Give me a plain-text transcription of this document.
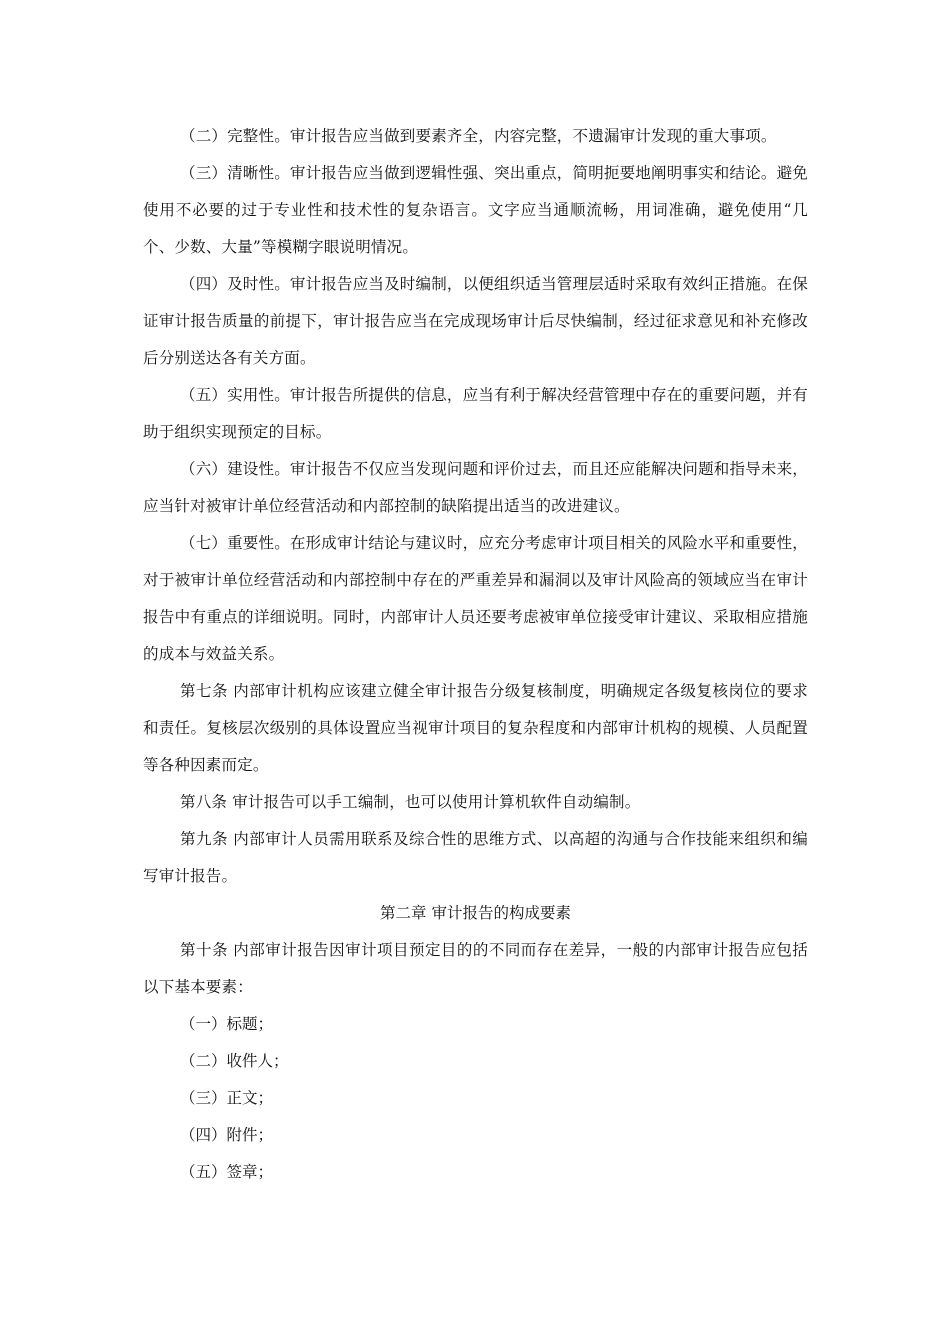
（二）完整性。审计报告应当做到要素齐全，内容完整，不遗漏审计发现的重大事项。

（三）清晰性。审计报告应当做到逻辑性强、突出重点，简明扼要地阐明事实和结论。避免使用不必要的过于专业性和技术性的复杂语言。文字应当通顺流畅，用词准确，避免使用“几个、少数、大量”等模糊字眼说明情况。

（四）及时性。审计报告应当及时编制，以便组织适当管理层适时采取有效纠正措施。在保证审计报告质量的前提下，审计报告应当在完成现场审计后尽快编制，经过征求意见和补充修改后分别送达各有关方面。

（五）实用性。审计报告所提供的信息，应当有利于解决经营管理中存在的重要问题，并有助于组织实现预定的目标。

（六）建设性。审计报告不仅应当发现问题和评价过去，而且还应能解决问题和指导未来，应当针对被审计单位经营活动和内部控制的缺陷提出适当的改进建议。

（七）重要性。在形成审计结论与建议时，应充分考虑审计项目相关的风险水平和重要性，对于被审计单位经营活动和内部控制中存在的严重差异和漏洞以及审计风险高的领域应当在审计报告中有重点的详细说明。同时，内部审计人员还要考虑被审单位接受审计建议、采取相应措施的成本与效益关系。

第七条 内部审计机构应该建立健全审计报告分级复核制度，明确规定各级复核岗位的要求和责任。复核层次级别的具体设置应当视审计项目的复杂程度和内部审计机构的规模、人员配置等各种因素而定。

第八条 审计报告可以手工编制，也可以使用计算机软件自动编制。

第九条 内部审计人员需用联系及综合性的思维方式、以高超的沟通与合作技能来组织和编写审计报告。

第二章 审计报告的构成要素

第十条 内部审计报告因审计项目预定目的的不同而存在差异，一般的内部审计报告应包括以下基本要素：

（一）标题；

（二）收件人；

（三）正文；

（四）附件；

（五）签章；
